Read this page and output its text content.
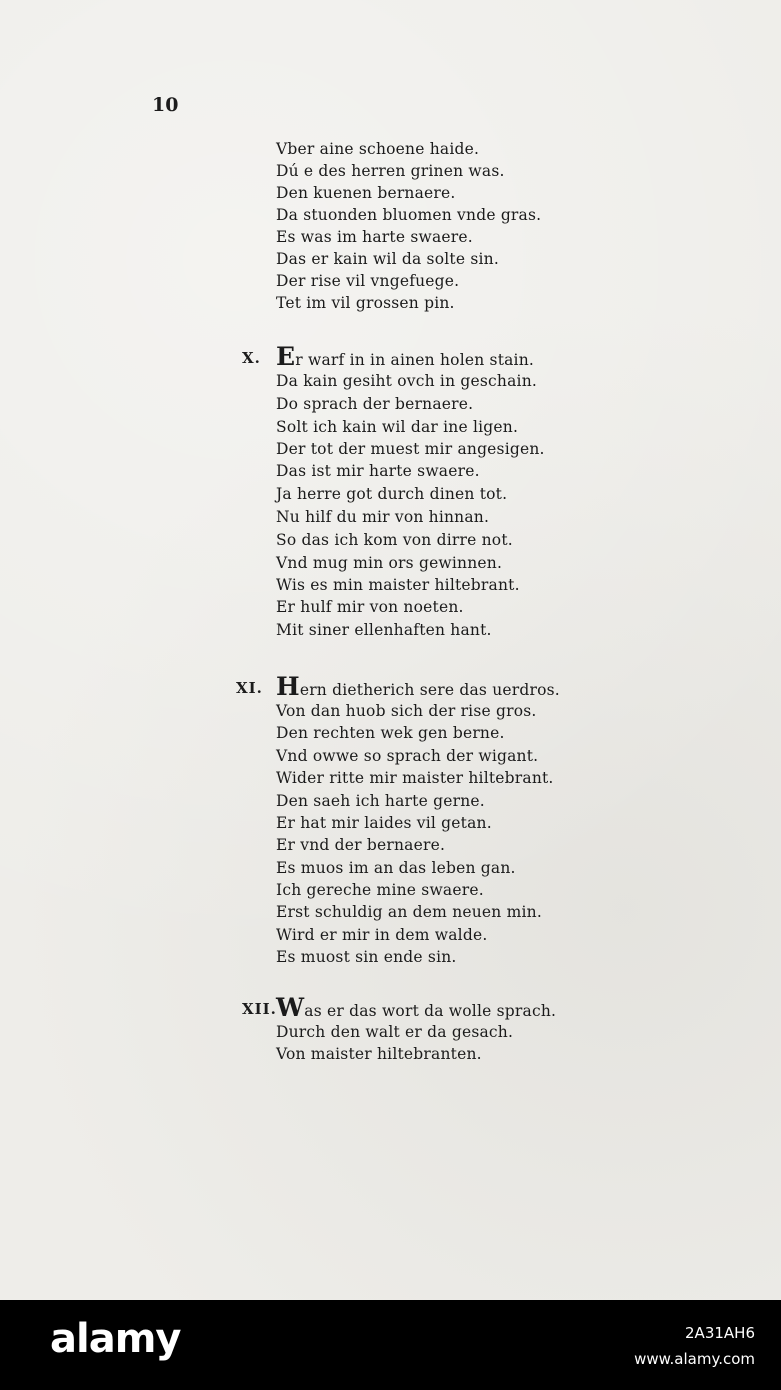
10
Vber aine schoene haide.
Dú e des herren grinen was.
Den kuenen bernaere.
Da stuonden bluomen vnde gras.
Es was im harte swaere.
Das er kain wil da solte sin.
Der rise vil vngefuege.
Tet im vil grossen pin.
X. Er warf in in ainen holen stain.
Da kain gesiht ovch in geschain.
Do sprach der bernaere.
Solt ich kain wil dar ine ligen.
Der tot der muest mir angesigen.
Das ist mir harte swaere.
Ja herre got durch dinen tot.
Nu hilf du mir von hinnan.
So das ich kom von dirre not.
Vnd mug min ors gewinnen.
Wis es min maister hiltebrant.
Er hulf mir von noeten.
Mit siner ellenhaften hant.
XI. Hern dietherich sere das uerdros.
Von dan huob sich der rise gros.
Den rechten wek gen berne.
Vnd owwe so sprach der wigant.
Wider ritte mir maister hiltebrant.
Den saeh ich harte gerne.
Er hat mir laides vil getan.
Er vnd der bernaere.
Es muos im an das leben gan.
Ich gereche mine swaere.
Erst schuldig an dem neuen min.
Wird er mir in dem walde.
Es muost sin ende sin.
XII. Was er das wort da wolle sprach.
Durch den walt er da gesach.
Von maister hiltebranten.
alamy	2A31AH6
www.alamy.com
